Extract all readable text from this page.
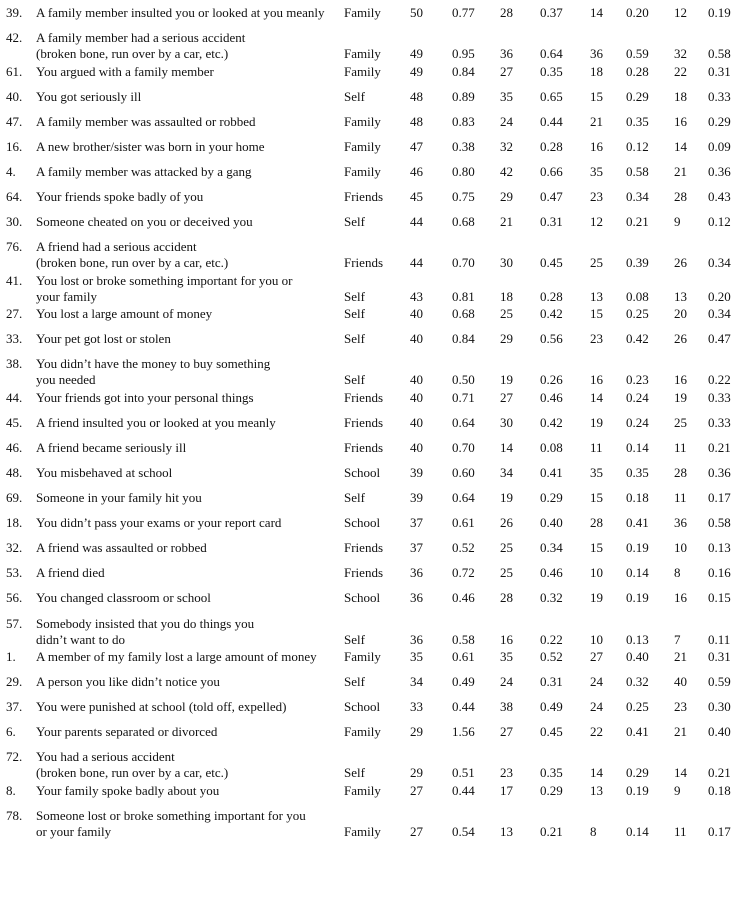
39. A family member insulted you or looked at you meanly Family 50 0.77 28 0.37 14 0.20 12 0.19
42. A family member had a serious accident
(broken bone, run over by a car, etc.)	Family 49 0.95 36 0.64 36 0.59 32 0.58
61. You argued with a family member	Family 49 0.84 27 0.35 18 0.28 22 0.31
40. You got seriously ill	Self	48 0.89 35 0.65 15 0.29 18 0.33
47. A family member was assaulted or robbed	Family 48 0.83 24 0.44 21 0.35 16 0.29
16. A new brother/sister was born in your home	Family 47 0.38 32 0.28 16 0.12 14 0.09
4. A family member was attacked by a gang	Family 46 0.80 42 0.66 35 0.58 21 0.36
64. Your friends spoke badly of you	Friends 45 0.75 29 0.47 23 0.34 28 0.43
30. Someone cheated on you or deceived you	Self	44 0.68 21 0.31 12 0.21 9 0.12
76. A friend had a serious accident
(broken bone, run over by a car, etc.)	Friends 44 0.70 30 0.45 25 0.39 26 0.34
41. You lost or broke something important for you or
your family	Self	43 0.81 18 0.28 13 0.08 13 0.20
27. You lost a large amount of money	Self	40 0.68 25 0.42 15 0.25 20 0.34
33. Your pet got lost or stolen	Self	40 0.84 29 0.56 23 0.42 26 0.47
38. You didn’t have the money to buy something
you needed	Self	40 0.50 19 0.26 16 0.23 16 0.22
44. Your friends got into your personal things	Friends 40 0.71 27 0.46 14 0.24 19 0.33
45. A friend insulted you or looked at you meanly	Friends 40 0.64 30 0.42 19 0.24 25 0.33
46. A friend became seriously ill	Friends 40 0.70 14 0.08 11 0.14 11 0.21
48. You misbehaved at school	School 39 0.60 34 0.41 35 0.35 28 0.36
69. Someone in your family hit you	Self	39 0.64 19 0.29 15 0.18 11 0.17
18. You didn’t pass your exams or your report card	School 37 0.61 26 0.40 28 0.41 36 0.58
32. A friend was assaulted or robbed	Friends 37 0.52 25 0.34 15 0.19 10 0.13
53. A friend died	Friends 36 0.72 25 0.46 10 0.14 8 0.16
56. You changed classroom or school	School 36 0.46 28 0.32 19 0.19 16 0.15
57. Somebody insisted that you do things you
didn’t want to do	Self	36 0.58 16 0.22 10 0.13 7 0.11
1. A member of my family lost a large amount of money Family 35 0.61 35 0.52 27 0.40 21 0.31
29. A person you like didn’t notice you	Self	34 0.49 24 0.31 24 0.32 40 0.59
37. You were punished at school (told off, expelled)	School 33 0.44 38 0.49 24 0.25 23 0.30
6. Your parents separated or divorced	Family 29 1.56 27 0.45 22 0.41 21 0.40
72. You had a serious accident
(broken bone, run over by a car, etc.)	Self	29 0.51 23 0.35 14 0.29 14 0.21
8. Your family spoke badly about you	Family 27 0.44 17 0.29 13 0.19 9 0.18
78. Someone lost or broke something important for you
or your family	Family 27 0.54 13 0.21 8 0.14 11 0.17
